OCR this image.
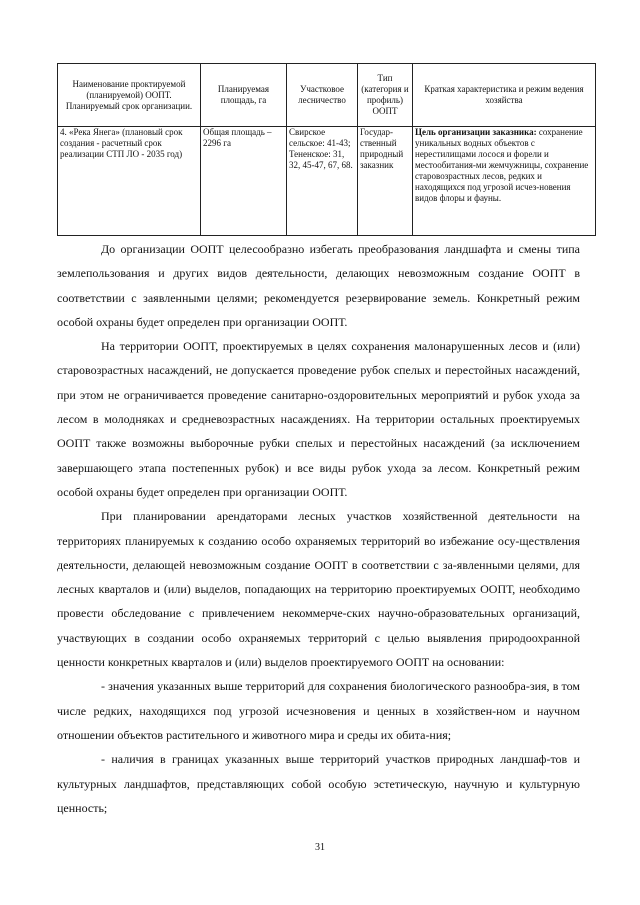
Наименование проктируемой (планируемой) ООПТ. Планируемый срок организации.	Планируемая площадь, га	Участковое лесничество	Тип (категория и профиль) ООПТ	Краткая характеристика и режим ведения хозяйства
4. «Река Янега» (плановый срок создания - расчетный срок реализации СТП ЛО - 2035 год)	Общая площадь – 2296 га	Свирское сельское: 41-43; Тененское: 31, 32, 45-47, 67, 68.	Государ-ственный природный заказник	Цель организации заказника: сохранение уникальных водных объектов с нерестилищами лосося и форели и местообитания-ми жемчужницы, сохранение старовозрастных лесов, редких и находящихся под угрозой исчез-новения видов флоры и фауны.

До организации ООПТ целесообразно избегать преобразования ландшафта и смены типа землепользования и других видов деятельности, делающих невозможным создание ООПТ в соответствии с заявленными целями; рекомендуется резервирование земель. Конкретный режим особой охраны будет определен при организации ООПТ.

На территории ООПТ, проектируемых в целях сохранения малонарушенных лесов и (или) старовозрастных насаждений, не допускается проведение рубок спелых и перестойных насаждений, при этом не ограничивается проведение санитарно-оздоровительных мероприятий и рубок ухода за лесом в молодняках и средневозрастных насаждениях. На территории остальных проектируемых ООПТ также возможны выборочные рубки спелых и перестойных насаждений (за исключением завершающего этапа постепенных рубок) и все виды рубок ухода за лесом. Конкретный режим особой охраны будет определен при организации ООПТ.

При планировании арендаторами лесных участков хозяйственной деятельности на территориях планируемых к созданию особо охраняемых территорий во избежание осу-ществления деятельности, делающей невозможным создание ООПТ в соответствии с за-явленными целями, для лесных кварталов и (или) выделов, попадающих на территорию проектируемых ООПТ, необходимо провести обследование с привлечением некоммерче-ских научно-образовательных организаций, участвующих в создании особо охраняемых территорий с целью выявления природоохранной ценности конкретных кварталов и (или) выделов проектируемого ООПТ на основании:

- значения указанных выше территорий для сохранения биологического разнообра-зия, в том числе редких, находящихся под угрозой исчезновения и ценных в хозяйствен-ном и научном отношении объектов растительного и животного мира и среды их обита-ния;

- наличия в границах указанных выше территорий участков природных ландшаф-тов и культурных ландшафтов, представляющих собой особую эстетическую, научную и культурную ценность;

31
